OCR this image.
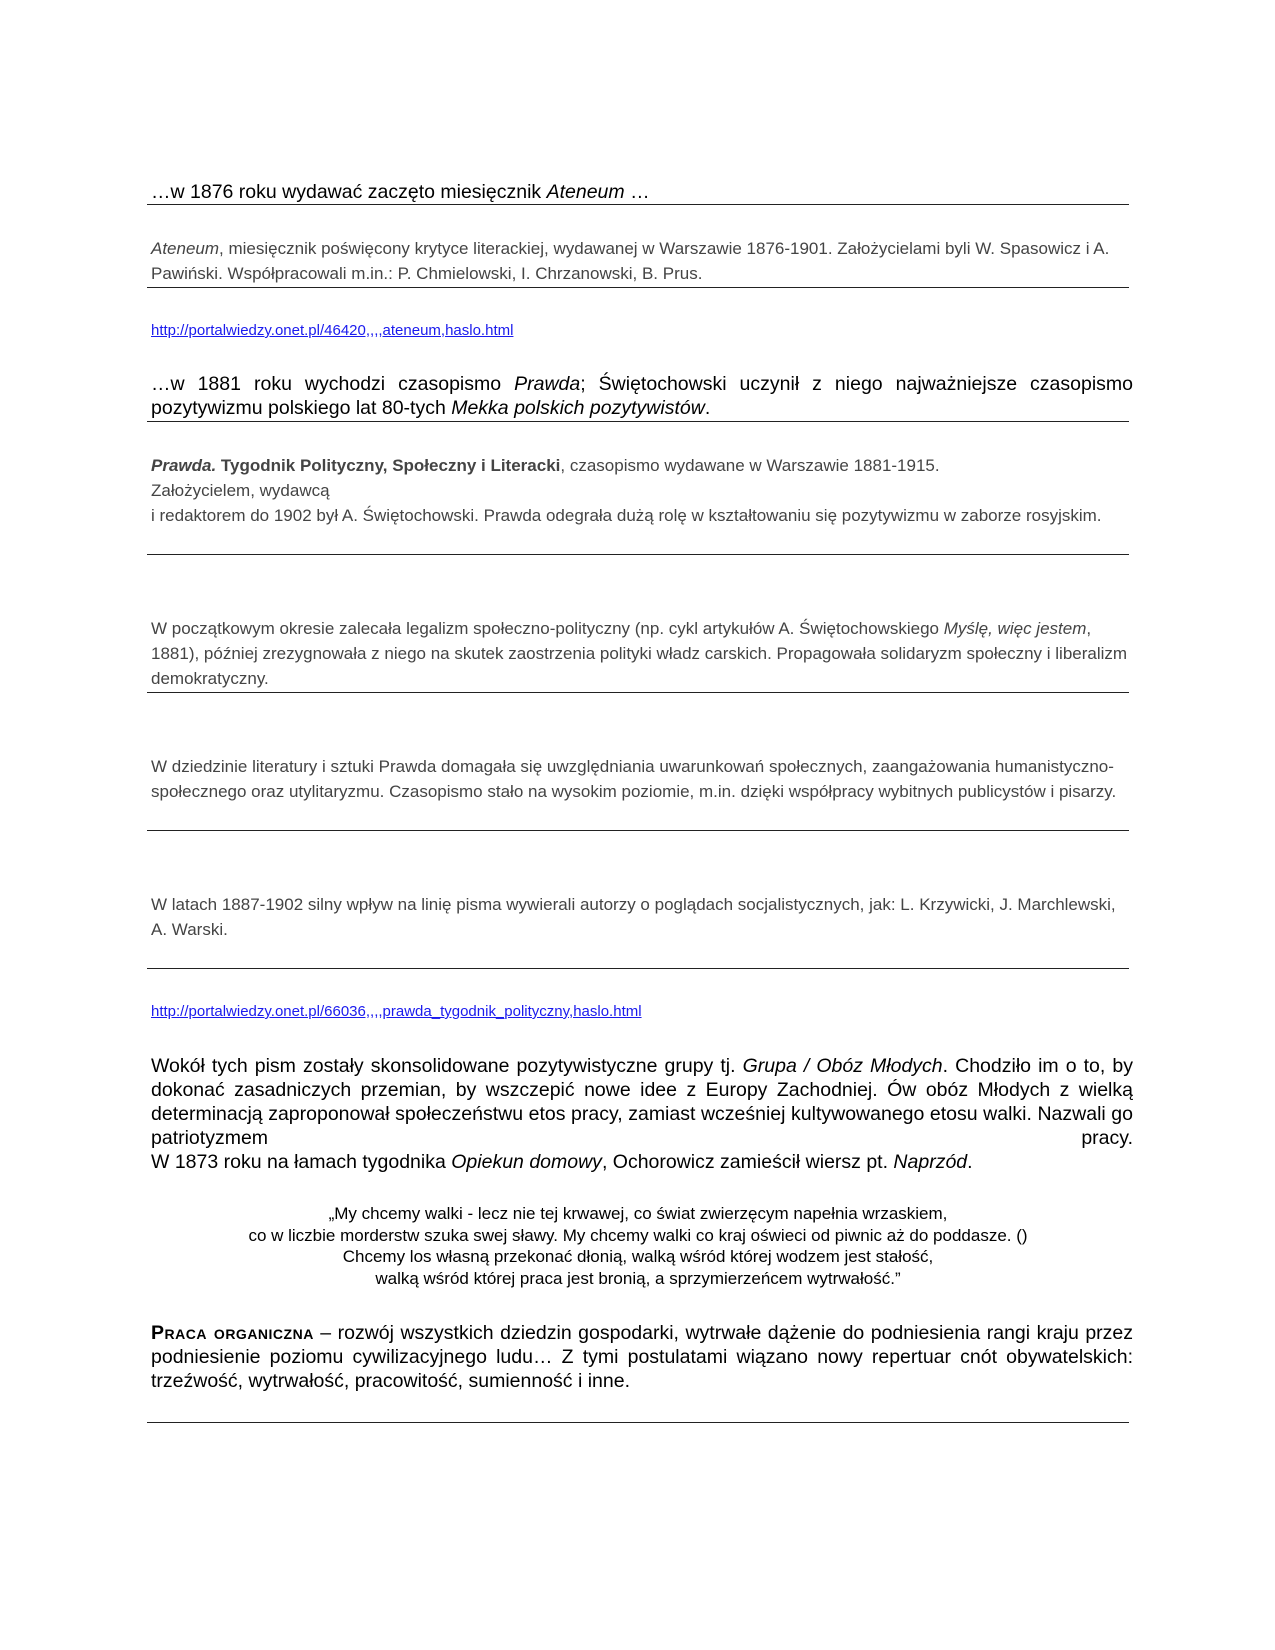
…w 1876 roku wydawać zaczęto miesięcznik Ateneum …
Ateneum, miesięcznik poświęcony krytyce literackiej, wydawanej w Warszawie 1876-1901. Założycielami byli W. Spasowicz i A. Pawiński. Współpracowali m.in.: P. Chmielowski, I. Chrzanowski, B. Prus.
http://portalwiedzy.onet.pl/46420,,,,ateneum,haslo.html
…w 1881 roku wychodzi czasopismo Prawda; Świętochowski uczynił z niego najważniejsze czasopismo pozytywizmu polskiego lat 80-tych Mekka polskich pozytywistów.
Prawda. Tygodnik Polityczny, Społeczny i Literacki, czasopismo wydawane w Warszawie 1881-1915.
Założycielem, wydawcą
i redaktorem do 1902 był A. Świętochowski. Prawda odegrała dużą rolę w kształtowaniu się pozytywizmu w zaborze rosyjskim.
W początkowym okresie zalecała legalizm społeczno-polityczny (np. cykl artykułów A. Świętochowskiego Myślę, więc jestem, 1881), później zrezygnowała z niego na skutek zaostrzenia polityki władz carskich. Propagowała solidaryzm społeczny i liberalizm demokratyczny.
W dziedzinie literatury i sztuki Prawda domagała się uwzględniania uwarunkowań społecznych, zaangażowania humanistyczno-społecznego oraz utylitaryzmu. Czasopismo stało na wysokim poziomie, m.in. dzięki współpracy wybitnych publicystów i pisarzy.
W latach 1887-1902 silny wpływ na linię pisma wywierali autorzy o poglądach socjalistycznych, jak: L. Krzywicki, J. Marchlewski,
A. Warski.
http://portalwiedzy.onet.pl/66036,,,,prawda_tygodnik_polityczny,haslo.html
Wokół tych pism zostały skonsolidowane pozytywistyczne grupy tj. Grupa / Obóz Młodych. Chodziło im o to, by dokonać zasadniczych przemian, by wszczepić nowe idee z Europy Zachodniej. Ów obóz Młodych z wielką determinacją zaproponował społeczeństwu etos pracy, zamiast wcześniej kultywowanego etosu walki. Nazwali go patriotyzmem pracy.
W 1873 roku na łamach tygodnika Opiekun domowy, Ochorowicz zamieścił wiersz pt. Naprzód.
„My chcemy walki - lecz nie tej krwawej, co świat zwierzęcym napełnia wrzaskiem,
co w liczbie morderstw szuka swej sławy. My chcemy walki co kraj oświeci od piwnic aż do poddasze. ()
Chcemy los własną przekonać dłonią, walką wśród której wodzem jest stałość,
walką wśród której praca jest bronią, a sprzymierzeńcem wytrwałość.”
Praca organiczna – rozwój wszystkich dziedzin gospodarki, wytrwałe dążenie do podniesienia rangi kraju przez podniesienie poziomu cywilizacyjnego ludu… Z tymi postulatami wiązano nowy repertuar cnót obywatelskich: trzeźwość, wytrwałość, pracowitość, sumienność i inne.
